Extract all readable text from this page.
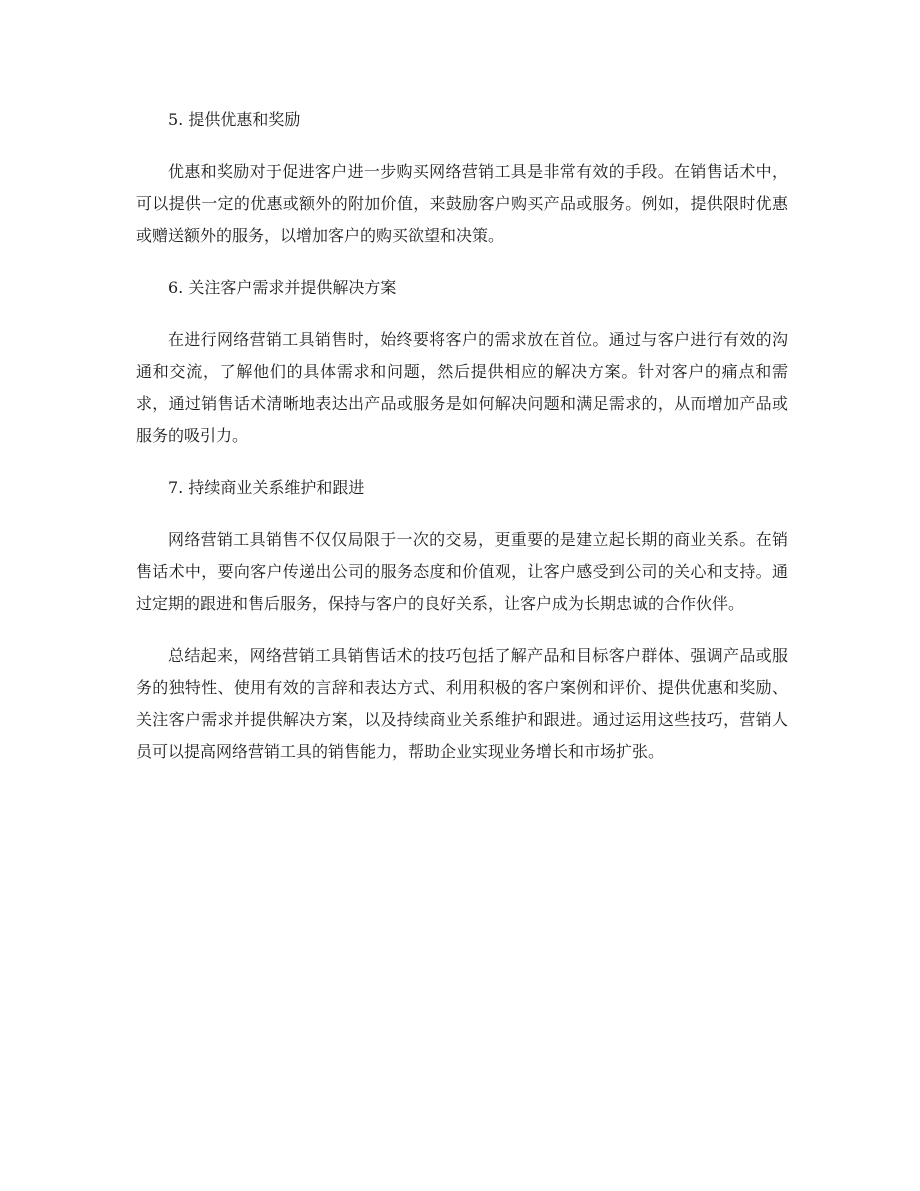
5. 提供优惠和奖励

优惠和奖励对于促进客户进一步购买网络营销工具是非常有效的手段。在销售话术中，可以提供一定的优惠或额外的附加价值，来鼓励客户购买产品或服务。例如，提供限时优惠或赠送额外的服务，以增加客户的购买欲望和决策。

6. 关注客户需求并提供解决方案

在进行网络营销工具销售时，始终要将客户的需求放在首位。通过与客户进行有效的沟通和交流，了解他们的具体需求和问题，然后提供相应的解决方案。针对客户的痛点和需求，通过销售话术清晰地表达出产品或服务是如何解决问题和满足需求的，从而增加产品或服务的吸引力。

7. 持续商业关系维护和跟进

网络营销工具销售不仅仅局限于一次的交易，更重要的是建立起长期的商业关系。在销售话术中，要向客户传递出公司的服务态度和价值观，让客户感受到公司的关心和支持。通过定期的跟进和售后服务，保持与客户的良好关系，让客户成为长期忠诚的合作伙伴。

总结起来，网络营销工具销售话术的技巧包括了解产品和目标客户群体、强调产品或服务的独特性、使用有效的言辞和表达方式、利用积极的客户案例和评价、提供优惠和奖励、关注客户需求并提供解决方案，以及持续商业关系维护和跟进。通过运用这些技巧，营销人员可以提高网络营销工具的销售能力，帮助企业实现业务增长和市场扩张。
